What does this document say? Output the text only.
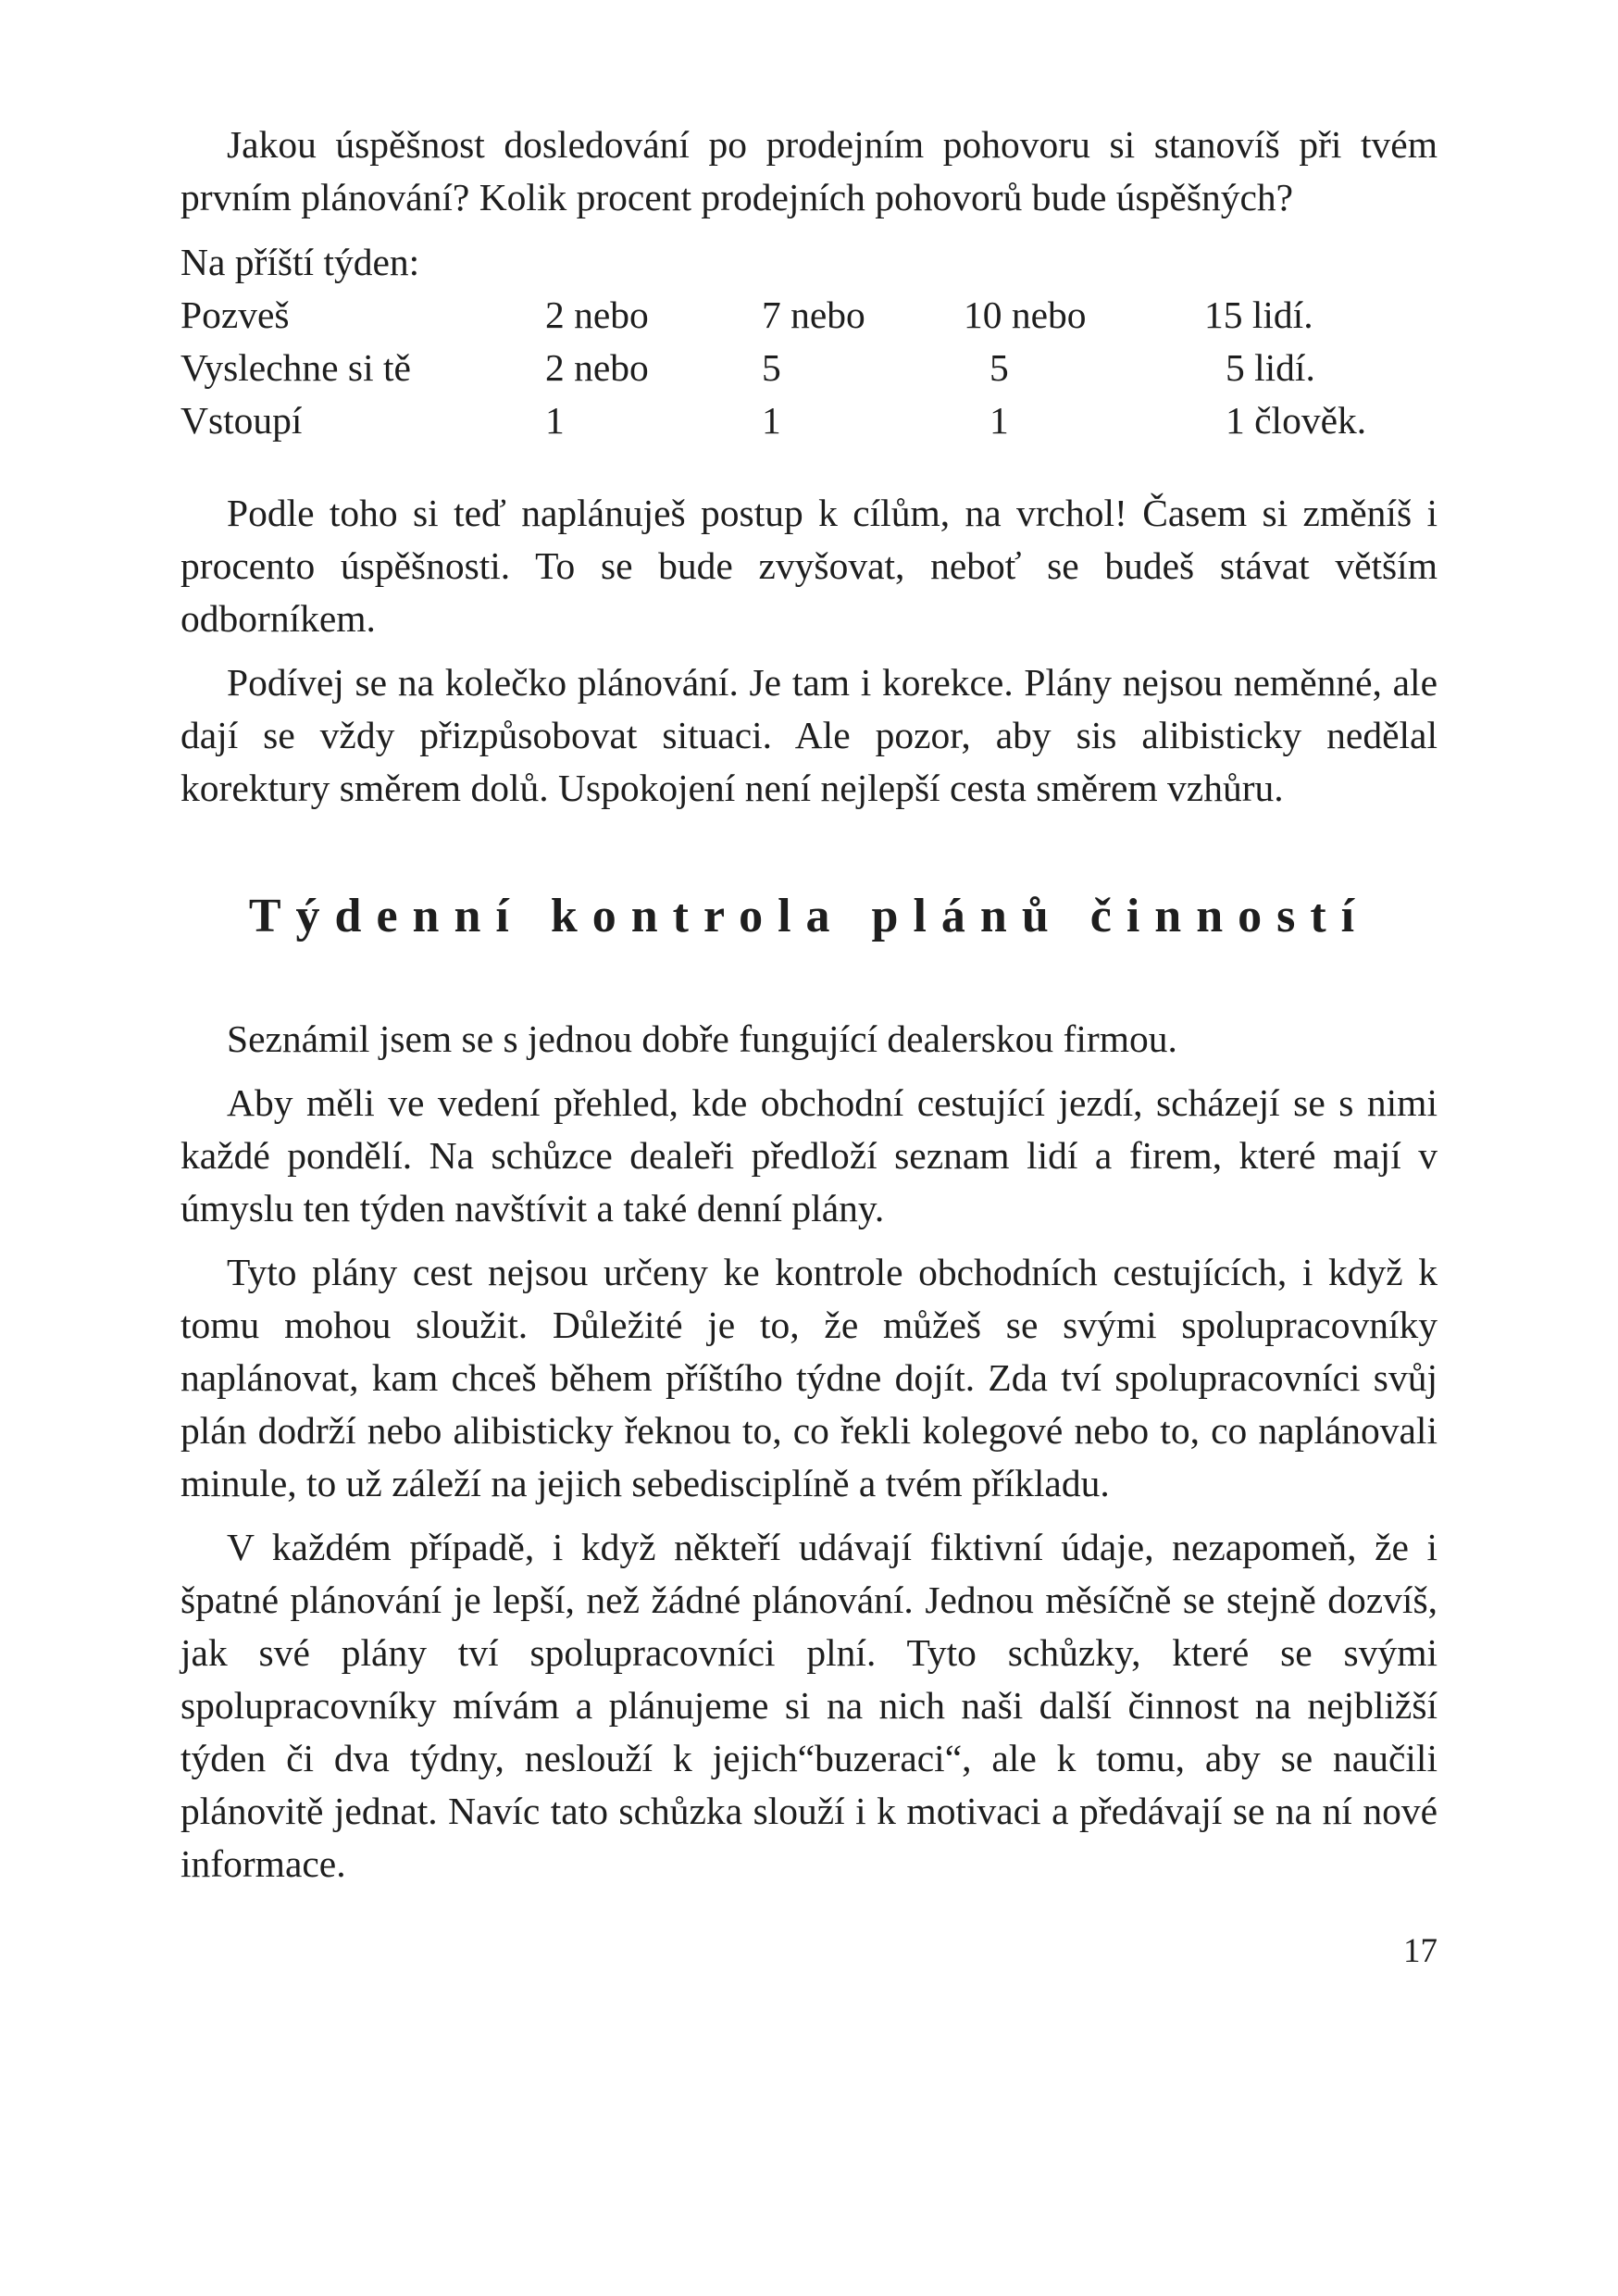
Jakou úspěšnost dosledování po prodejním pohovoru si stanovíš při tvém prvním plánování? Kolik procent prodejních pohovorů bude úspěšných?

Na příští týden:
Pozveš	2 nebo	7 nebo	10 nebo	15 lidí.
Vyslechne si tě	2 nebo	5	5	5 lidí.
Vstoupí	1	1	1	1 člověk.

Podle toho si teď naplánuješ postup k cílům, na vrchol! Časem si změníš i procento úspěšnosti. To se bude zvyšovat, neboť se budeš stávat větším odborníkem.

Podívej se na kolečko plánování. Je tam i korekce. Plány nejsou neměnné, ale dají se vždy přizpůsobovat situaci. Ale pozor, aby sis alibisticky nedělal korektury směrem dolů. Uspokojení není nejlepší cesta směrem vzhůru.

Týdenní kontrola plánů činností

Seznámil jsem se s jednou dobře fungující dealerskou firmou.

Aby měli ve vedení přehled, kde obchodní cestující jezdí, scházejí se s nimi každé pondělí. Na schůzce dealeři předloží seznam lidí a firem, které mají v úmyslu ten týden navštívit a také denní plány.

Tyto plány cest nejsou určeny ke kontrole obchodních cestujících, i když k tomu mohou sloužit. Důležité je to, že můžeš se svými spolupracovníky naplánovat, kam chceš během příštího týdne dojít. Zda tví spolupracovníci svůj plán dodrží nebo alibisticky řeknou to, co řekli kolegové nebo to, co naplánovali minule, to už záleží na jejich sebedisciplíně a tvém příkladu.

V každém případě, i když někteří udávají fiktivní údaje, nezapomeň, že i špatné plánování je lepší, než žádné plánování. Jednou měsíčně se stejně dozvíš, jak své plány tví spolupracovníci plní. Tyto schůzky, které se svými spolupracovníky mívám a plánujeme si na nich naši další činnost na nejbližší týden či dva týdny, neslouží k jejich“buzeraci“, ale k tomu, aby se naučili plánovitě jednat. Navíc tato schůzka slouží i k motivaci a předávají se na ní nové informace.

17
